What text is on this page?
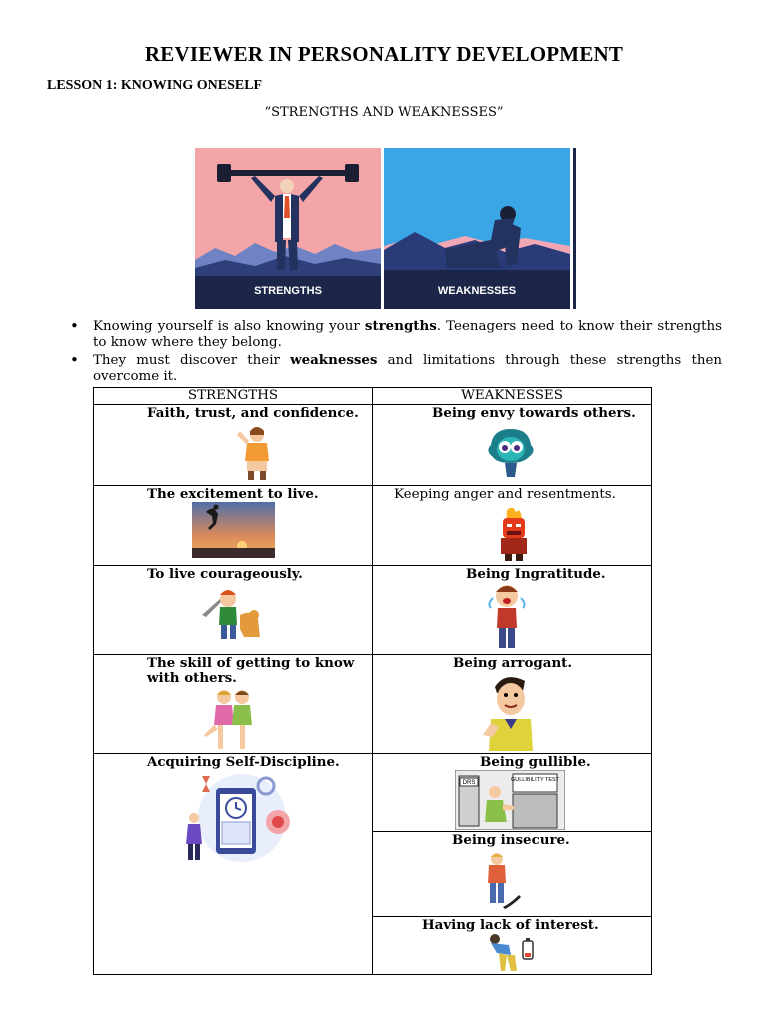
REVIEWER IN PERSONALITY DEVELOPMENT
LESSON 1: KNOWING ONESELF
“STRENGTHS AND WEAKNESSES”
STRENGTHS	WEAKNESSES
• Knowing yourself is also knowing your strengths. Teenagers need to know their strengths to know where they belong.
• They must discover their weaknesses and limitations through these strengths then overcome it.
STRENGTHS	WEAKNESSES

Faith, trust, and confidence.	Being envy towards others.

The excitement to live.	Keeping anger and resentments.

To live courageously.	Being Ingratitude.

The skill of getting to know with others.	Being arrogant.

Acquiring Self-Discipline.	Being gullible.
DRS GULLIBILITY TEST

	Being insecure.

	Having lack of interest.
